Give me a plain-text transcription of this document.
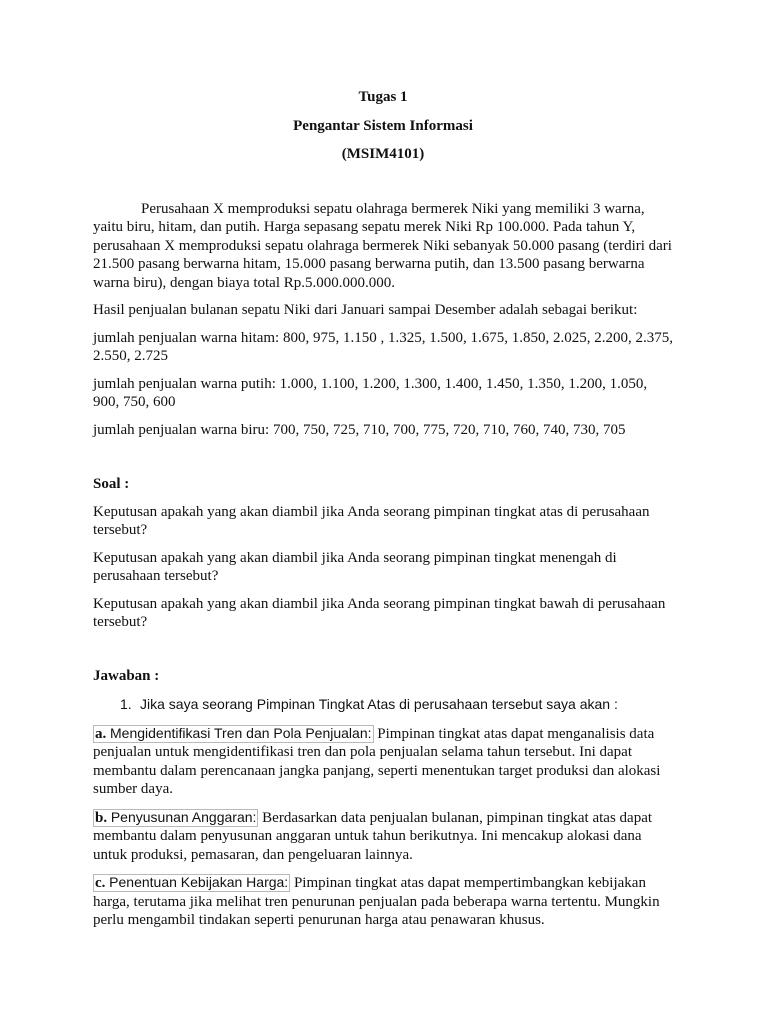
Tugas 1
Pengantar Sistem Informasi
(MSIM4101)

Perusahaan X memproduksi sepatu olahraga bermerek Niki yang memiliki 3 warna, yaitu biru, hitam, dan putih. Harga sepasang sepatu merek Niki Rp 100.000. Pada tahun Y, perusahaan X memproduksi sepatu olahraga bermerek Niki sebanyak 50.000 pasang (terdiri dari 21.500 pasang berwarna hitam, 15.000 pasang berwarna putih, dan 13.500 pasang berwarna warna biru), dengan biaya total Rp.5.000.000.000.

Hasil penjualan bulanan sepatu Niki dari Januari sampai Desember adalah sebagai berikut:

jumlah penjualan warna hitam: 800, 975, 1.150 , 1.325, 1.500, 1.675, 1.850, 2.025, 2.200, 2.375, 2.550, 2.725

jumlah penjualan warna putih: 1.000, 1.100, 1.200, 1.300, 1.400, 1.450, 1.350, 1.200, 1.050, 900, 750, 600

jumlah penjualan warna biru: 700, 750, 725, 710, 700, 775, 720, 710, 760, 740, 730, 705

Soal :

Keputusan apakah yang akan diambil jika Anda seorang pimpinan tingkat atas di perusahaan tersebut?

Keputusan apakah yang akan diambil jika Anda seorang pimpinan tingkat menengah di perusahaan tersebut?

Keputusan apakah yang akan diambil jika Anda seorang pimpinan tingkat bawah di perusahaan tersebut?

Jawaban :

1. Jika saya seorang Pimpinan Tingkat Atas di perusahaan tersebut saya akan :

a. Mengidentifikasi Tren dan Pola Penjualan: Pimpinan tingkat atas dapat menganalisis data penjualan untuk mengidentifikasi tren dan pola penjualan selama tahun tersebut. Ini dapat membantu dalam perencanaan jangka panjang, seperti menentukan target produksi dan alokasi sumber daya.

b. Penyusunan Anggaran: Berdasarkan data penjualan bulanan, pimpinan tingkat atas dapat membantu dalam penyusunan anggaran untuk tahun berikutnya. Ini mencakup alokasi dana untuk produksi, pemasaran, dan pengeluaran lainnya.

c. Penentuan Kebijakan Harga: Pimpinan tingkat atas dapat mempertimbangkan kebijakan harga, terutama jika melihat tren penurunan penjualan pada beberapa warna tertentu. Mungkin perlu mengambil tindakan seperti penurunan harga atau penawaran khusus.
